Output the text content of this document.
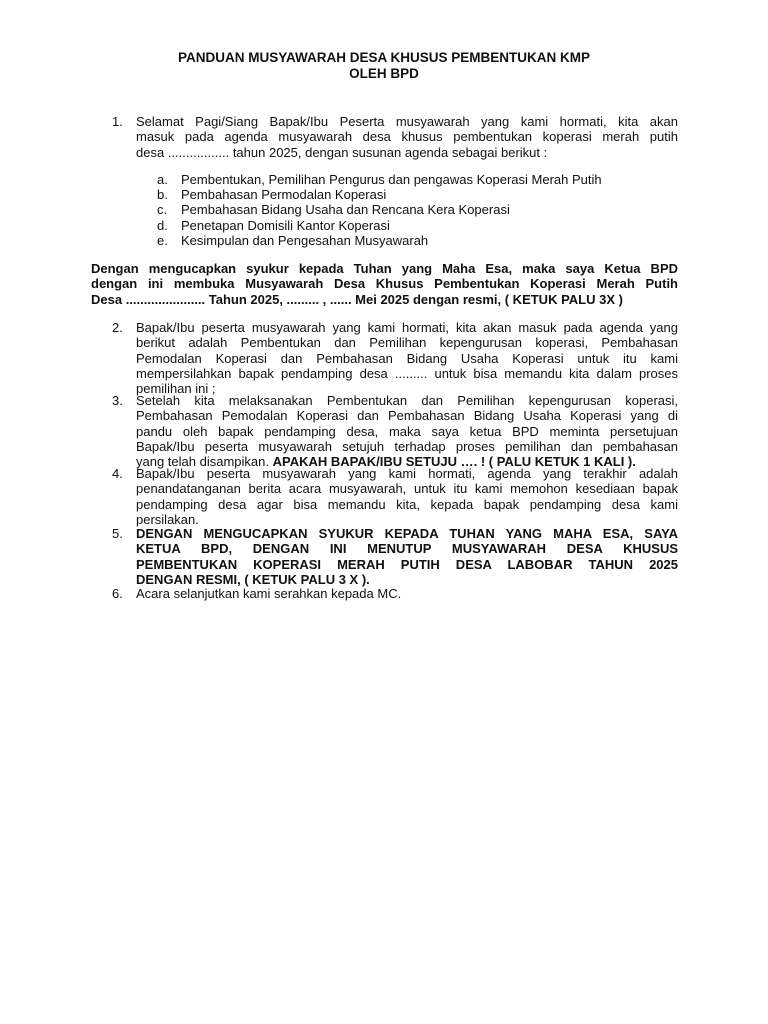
PANDUAN MUSYAWARAH DESA KHUSUS PEMBENTUKAN KMP
OLEH BPD
1.	Selamat Pagi/Siang Bapak/Ibu Peserta musyawarah yang kami hormati, kita akan
masuk pada agenda musyawarah desa khusus pembentukan koperasi merah putih
desa ................. tahun 2025, dengan susunan agenda sebagai berikut :
a. Pembentukan, Pemilihan Pengurus dan pengawas Koperasi Merah Putih
b. Pembahasan Permodalan Koperasi
c. Pembahasan Bidang Usaha dan Rencana Kera Koperasi
d. Penetapan Domisili Kantor Koperasi
e. Kesimpulan dan Pengesahan Musyawarah
Dengan mengucapkan syukur kepada Tuhan yang Maha Esa, maka saya Ketua BPD
dengan ini membuka Musyawarah Desa Khusus Pembentukan Koperasi Merah Putih
Desa ...................... Tahun 2025, ......... , ...... Mei 2025 dengan resmi, ( KETUK PALU 3X )
2.	Bapak/Ibu peserta musyawarah yang kami hormati, kita akan masuk pada agenda yang
berikut adalah Pembentukan dan Pemilihan kepengurusan koperasi, Pembahasan
Pemodalan Koperasi dan Pembahasan Bidang Usaha Koperasi untuk itu kami
mempersilahkan bapak pendamping desa ......... untuk bisa memandu kita dalam proses
pemilihan ini ;
3.	Setelah kita melaksanakan Pembentukan dan Pemilihan kepengurusan koperasi,
Pembahasan Pemodalan Koperasi dan Pembahasan Bidang Usaha Koperasi yang di
pandu oleh bapak pendamping desa, maka saya ketua BPD meminta persetujuan
Bapak/Ibu peserta musyawarah setujuh terhadap proses pemilihan dan pembahasan
yang telah disampikan. APAKAH BAPAK/IBU SETUJU …. ! ( PALU KETUK 1 KALI ).
4.	Bapak/Ibu peserta musyawarah yang kami hormati, agenda yang terakhir adalah
penandatanganan berita acara musyawarah, untuk itu kami memohon kesediaan bapak
pendamping desa agar bisa memandu kita, kepada bapak pendamping desa kami
persilakan.
5.	DENGAN MENGUCAPKAN SYUKUR KEPADA TUHAN YANG MAHA ESA, SAYA
KETUA BPD, DENGAN INI MENUTUP MUSYAWARAH DESA KHUSUS
PEMBENTUKAN KOPERASI MERAH PUTIH DESA LABOBAR TAHUN 2025
DENGAN RESMI, ( KETUK PALU 3 X ).
6.	Acara selanjutkan kami serahkan kepada MC.
